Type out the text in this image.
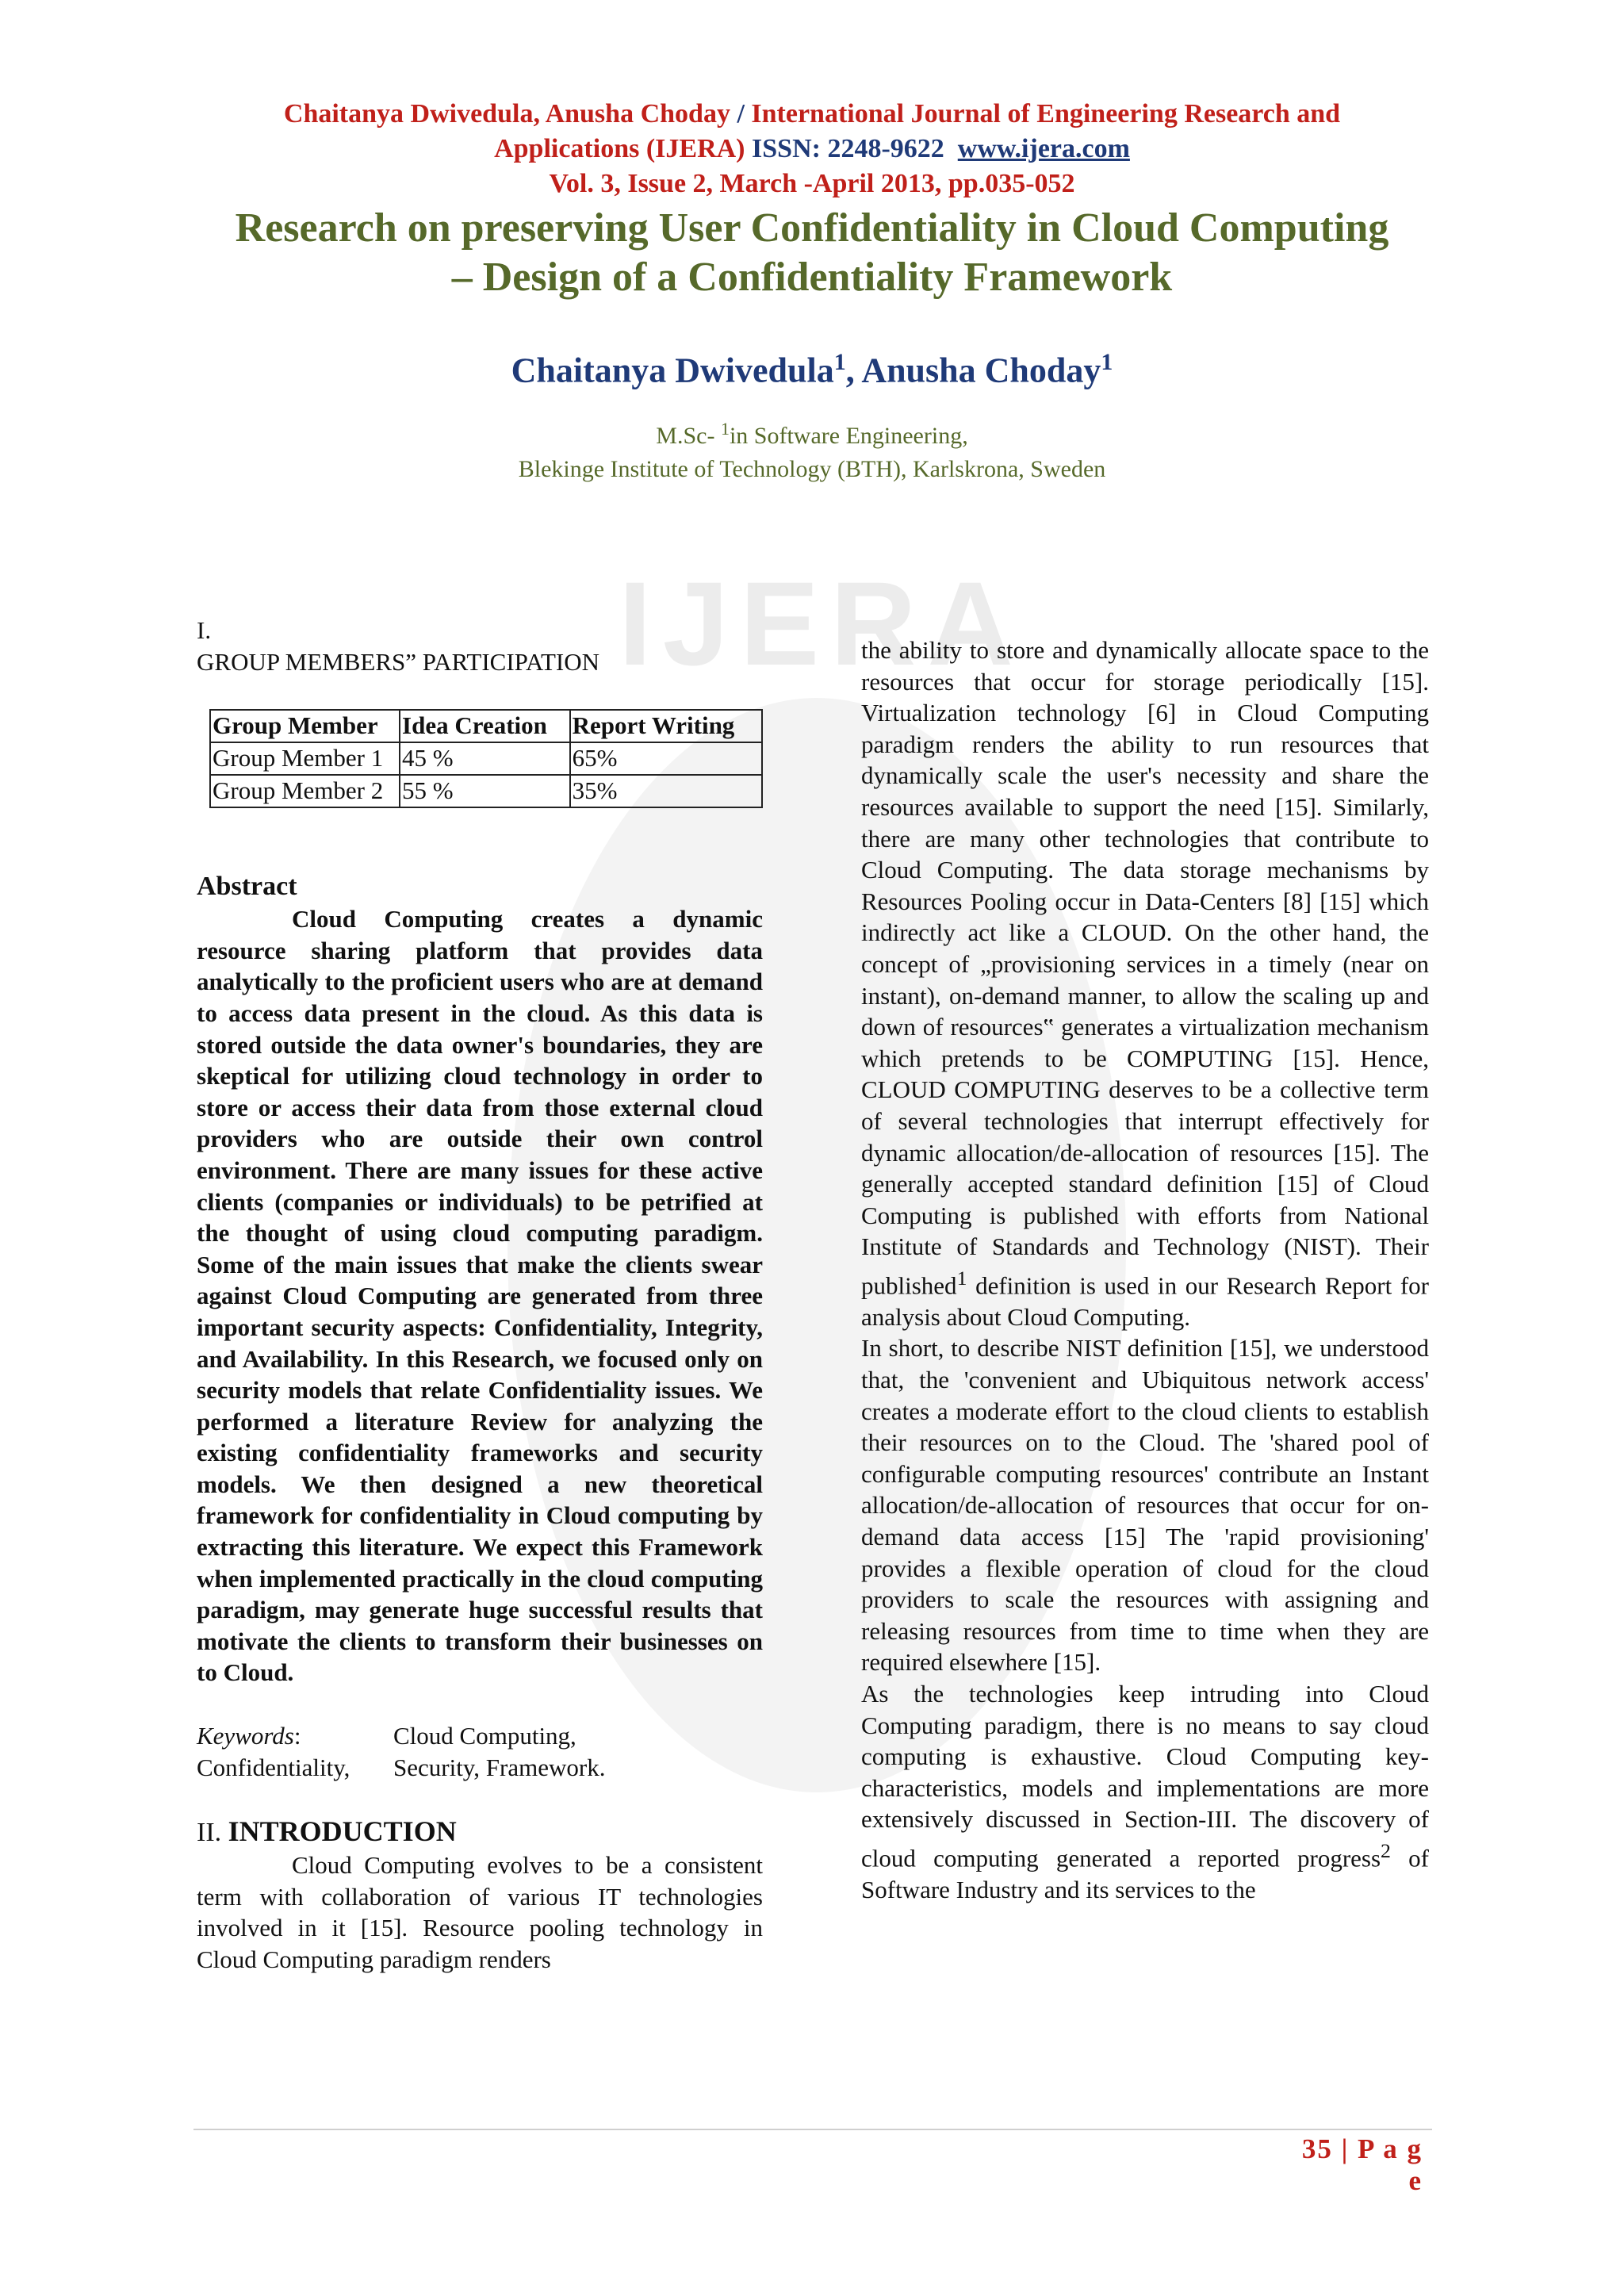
IJERA
Chaitanya Dwivedula, Anusha Choday / International Journal of Engineering Research and
Applications (IJERA) ISSN: 2248-9622 www.ijera.com
Vol. 3, Issue 2, March -April 2013, pp.035-052
Research on preserving User Confidentiality in Cloud Computing
– Design of a Confidentiality Framework
Chaitanya Dwivedula$^1$, Anusha Choday$^1$
M.Sc- $^1$in Software Engineering,
Blekinge Institute of Technology (BTH), Karlskrona, Sweden
I.
GROUP MEMBERS” PARTICIPATION
Group Member	Idea Creation	Report Writing
Group Member 1	45 %	65%
Group Member 2	55 %	35%
Abstract

Cloud Computing creates a dynamic resource sharing platform that provides data analytically to the proficient users who are at demand to access data present in the cloud. As this data is stored outside the data owner's boundaries, they are skeptical for utilizing cloud technology in order to store or access their data from those external cloud providers who are outside their own control environment. There are many issues for these active clients (companies or individuals) to be petrified at the thought of using cloud computing paradigm. Some of the main issues that make the clients swear against Cloud Computing are generated from three important security aspects: Confidentiality, Integrity, and Availability. In this Research, we focused only on security models that relate Confidentiality issues. We performed a literature Review for analyzing the existing confidentiality frameworks and security models. We then designed a new theoretical framework for confidentiality in Cloud computing by extracting this literature. We expect this Framework when implemented practically in the cloud computing paradigm, may generate huge successful results that motivate the clients to transform their businesses on to Cloud.

Keywords:	Cloud Computing,
Confidentiality,	Security, Framework.
II. INTRODUCTION

Cloud Computing evolves to be a consistent term with collaboration of various IT technologies involved in it [15]. Resource pooling technology in Cloud Computing paradigm renders

the ability to store and dynamically allocate space to the resources that occur for storage periodically [15]. Virtualization technology [6] in Cloud Computing paradigm renders the ability to run resources that dynamically scale the user's necessity and share the resources available to support the need [15]. Similarly, there are many other technologies that contribute to Cloud Computing. The data storage mechanisms by Resources Pooling occur in Data-Centers [8] [15] which indirectly act like a CLOUD. On the other hand, the concept of „provisioning services in a timely (near on instant), on-demand manner, to allow the scaling up and down of resources‟ generates a virtualization mechanism which pretends to be COMPUTING [15]. Hence, CLOUD COMPUTING deserves to be a collective term of several technologies that interrupt effectively for dynamic allocation/de-allocation of resources [15]. The generally accepted standard definition [15] of Cloud Computing is published with efforts from National Institute of Standards and Technology (NIST). Their published$^1$ definition is used in our Research Report for analysis about Cloud Computing.

In short, to describe NIST definition [15], we understood that, the 'convenient and Ubiquitous network access' creates a moderate effort to the cloud clients to establish their resources on to the Cloud. The 'shared pool of configurable computing resources' contribute an Instant allocation/de-allocation of resources that occur for on-demand data access [15] The 'rapid provisioning' provides a flexible operation of cloud for the cloud providers to scale the resources with assigning and releasing resources from time to time when they are required elsewhere [15].

As the technologies keep intruding into Cloud Computing paradigm, there is no means to say cloud computing is exhaustive. Cloud Computing key- characteristics, models and implementations are more extensively discussed in Section-III. The discovery of cloud computing generated a reported progress$^2$ of Software Industry and its services to the

35 | P a g e
